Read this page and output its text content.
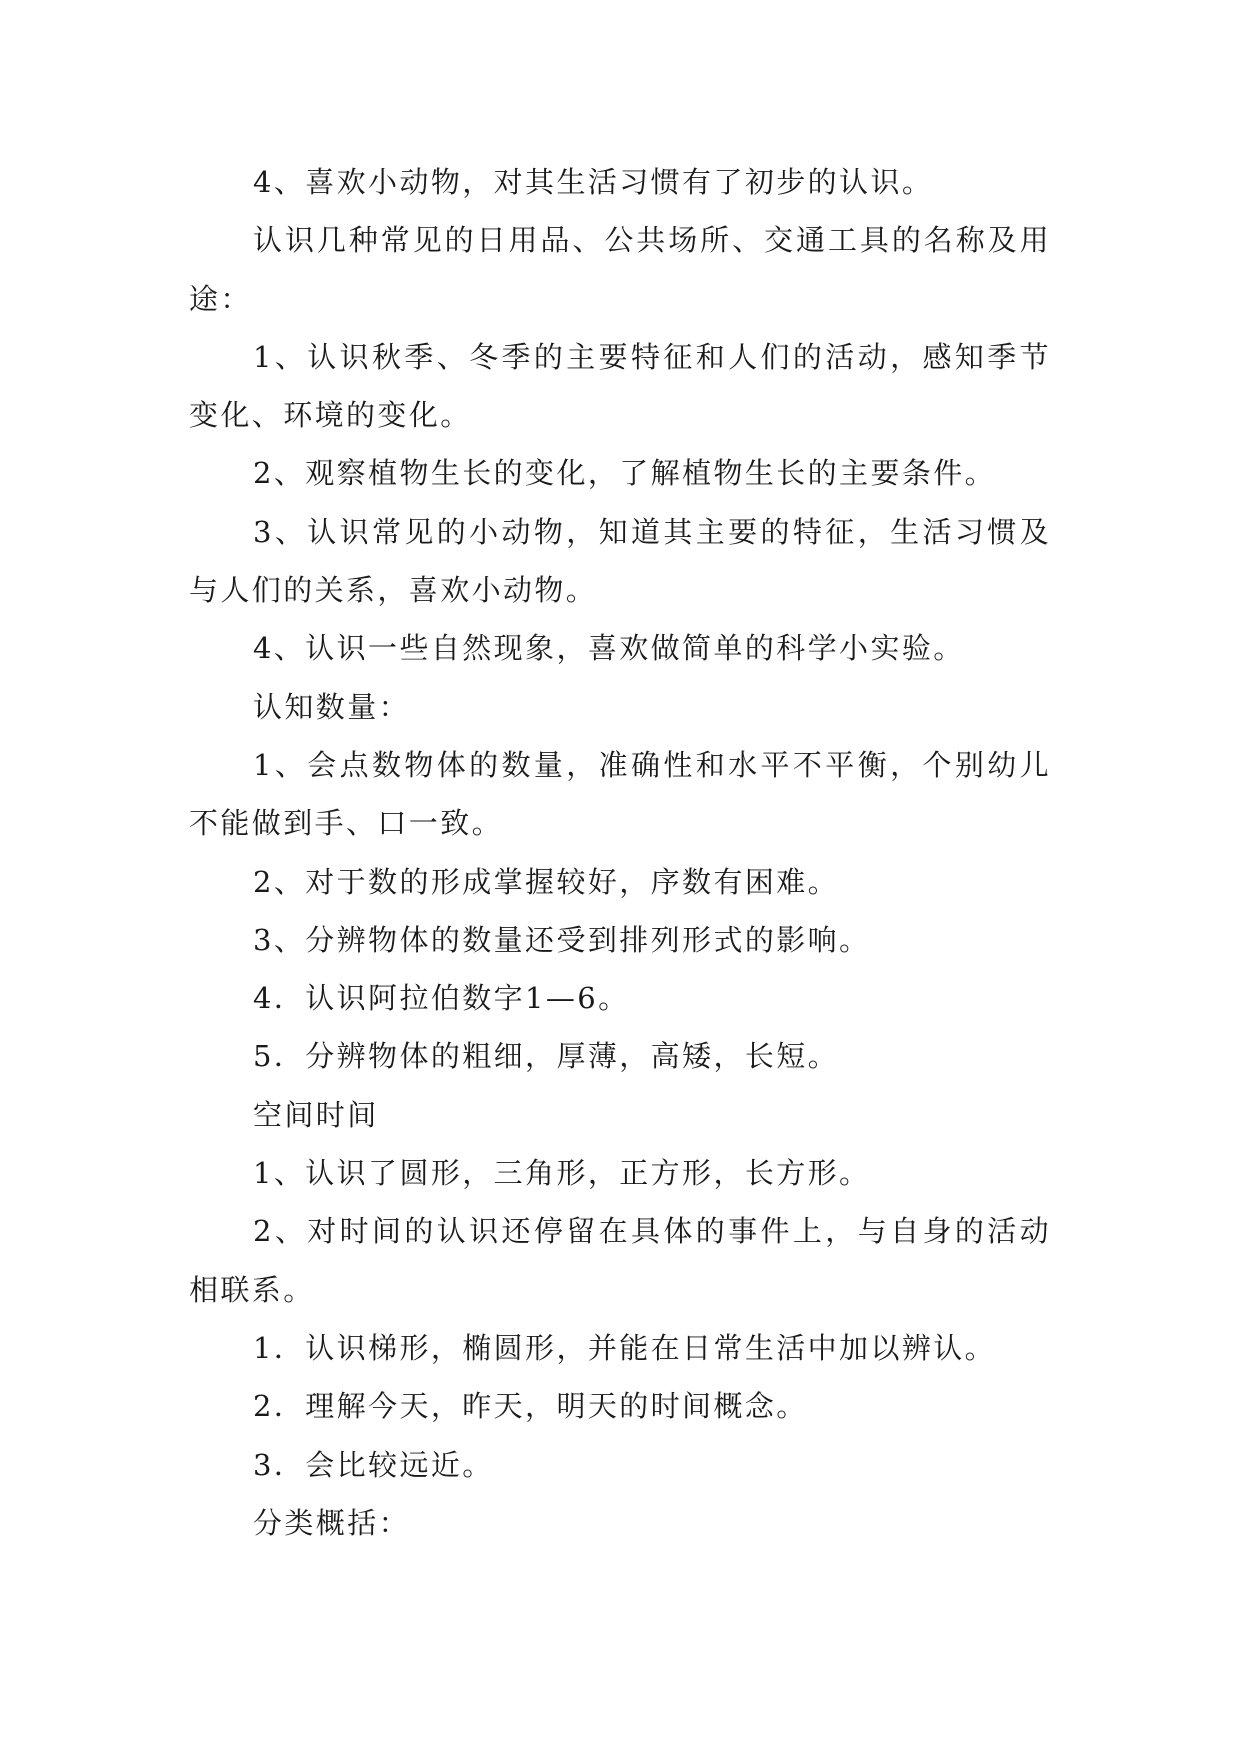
4、喜欢小动物，对其生活习惯有了初步的认识。

认识几种常见的日用品、公共场所、交通工具的名称及用途：

1、认识秋季、冬季的主要特征和人们的活动，感知季节变化、环境的变化。

2、观察植物生长的变化，了解植物生长的主要条件。

3、认识常见的小动物，知道其主要的特征，生活习惯及与人们的关系，喜欢小动物。

4、认识一些自然现象，喜欢做简单的科学小实验。

认知数量：

1、会点数物体的数量，准确性和水平不平衡，个别幼儿不能做到手、口一致。

2、对于数的形成掌握较好，序数有困难。

3、分辨物体的数量还受到排列形式的影响。

4．认识阿拉伯数字1—6。

5．分辨物体的粗细，厚薄，高矮，长短。

空间时间

1、认识了圆形，三角形，正方形，长方形。

2、对时间的认识还停留在具体的事件上，与自身的活动相联系。

1．认识梯形，椭圆形，并能在日常生活中加以辨认。

2．理解今天，昨天，明天的时间概念。

3．会比较远近。

分类概括：
